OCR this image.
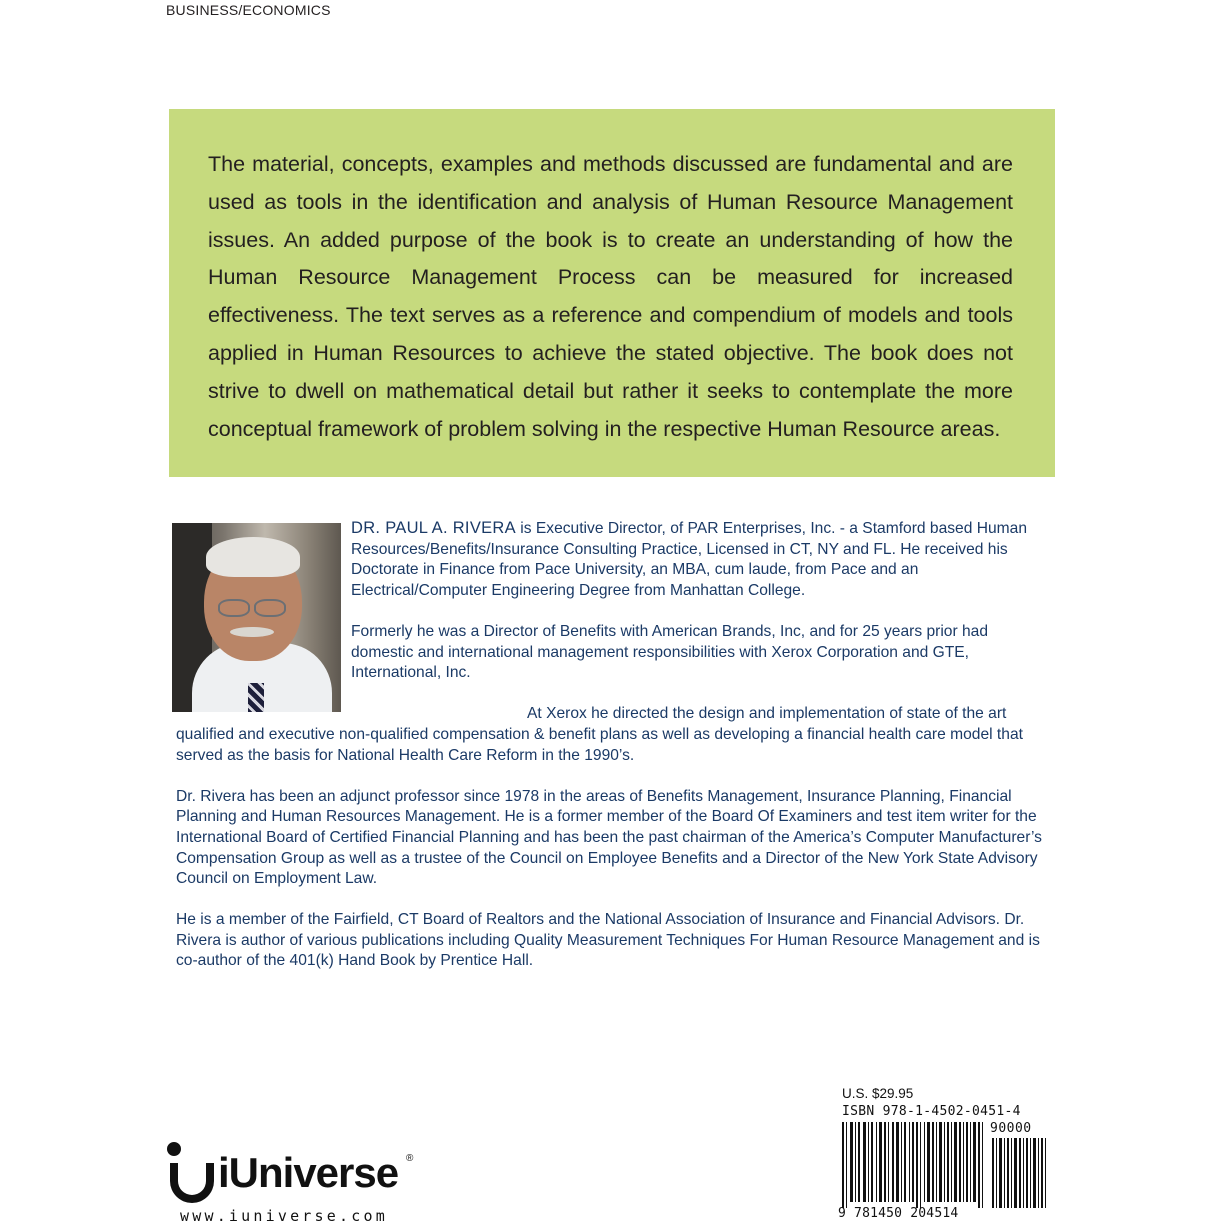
BUSINESS/ECONOMICS

The material, concepts, examples and methods discussed are fundamental and are used as tools in the identification and analysis of Human Resource Management issues. An added purpose of the book is to create an understanding of how the Human Resource Management Process can be measured for increased effectiveness. The text serves as a reference and compendium of models and tools applied in Human Resources to achieve the stated objective. The book does not strive to dwell on mathematical detail but rather it seeks to contemplate the more conceptual framework of problem solving in the respective Human Resource areas.

DR. PAUL A. RIVERA is Executive Director, of PAR Enterprises, Inc. - a Stamford based Human Resources/Benefits/Insurance Consulting Practice, Licensed in CT, NY and FL. He received his Doctorate in Finance from Pace University, an MBA, cum laude, from Pace and an Electrical/Computer Engineering Degree from Manhattan College.

Formerly he was a Director of Benefits with American Brands, Inc, and for 25 years prior had domestic and international management responsibilities with Xerox Corporation and GTE, International, Inc.

At Xerox he directed the design and implementation of state of the art qualified and executive non-qualified compensation & benefit plans as well as developing a financial health care model that served as the basis for National Health Care Reform in the 1990’s.

Dr. Rivera has been an adjunct professor since 1978 in the areas of Benefits Management, Insurance Planning, Financial Planning and Human Resources Management. He is a former member of the Board Of Examiners and test item writer for the International Board of Certified Financial Planning and has been the past chairman of the America’s Computer Manufacturer’s Compensation Group as well as a trustee of the Council on Employee Benefits and a Director of the New York State Advisory Council on Employment Law.

He is a member of the Fairfield, CT Board of Realtors and the National Association of Insurance and Financial Advisors. Dr. Rivera is author of various publications including Quality Measurement Techniques For Human Resource Management and is co-author of the 401(k) Hand Book by Prentice Hall.

iUniverse ®
www.iuniverse.com
U.S. $29.95
ISBN 978-1-4502-0451-4
90000
9 781450 204514
